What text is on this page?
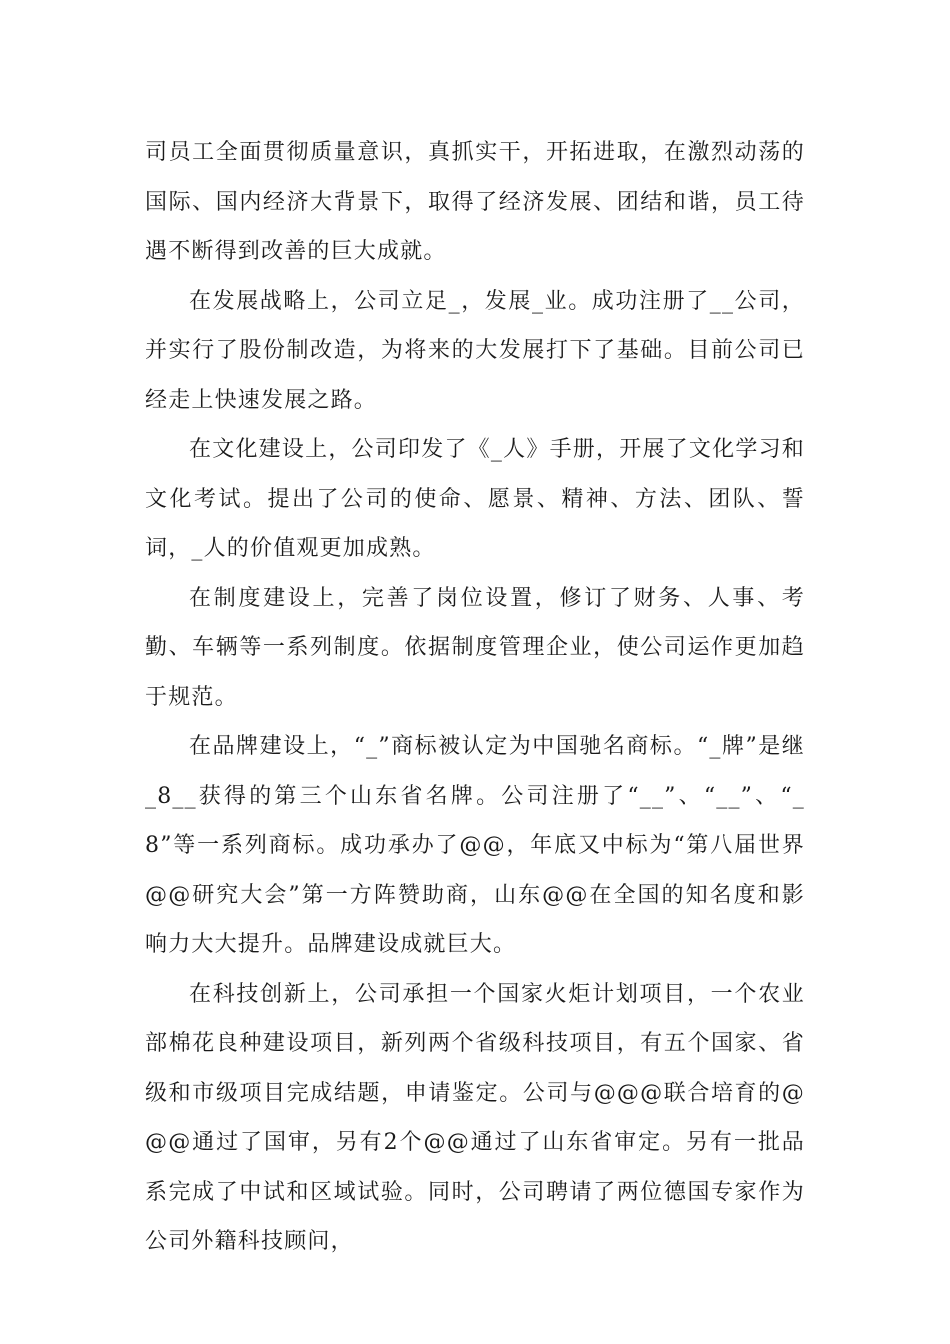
司员工全面贯彻质量意识，真抓实干，开拓进取，在激烈动荡的国际、国内经济大背景下，取得了经济发展、团结和谐，员工待遇不断得到改善的巨大成就。

在发展战略上，公司立足_，发展_业。成功注册了__公司，并实行了股份制改造，为将来的大发展打下了基础。目前公司已经走上快速发展之路。

在文化建设上，公司印发了《_人》手册，开展了文化学习和文化考试。提出了公司的使命、愿景、精神、方法、团队、誓词，_人的价值观更加成熟。

在制度建设上，完善了岗位设置，修订了财务、人事、考勤、车辆等一系列制度。依据制度管理企业，使公司运作更加趋于规范。

在品牌建设上，“_”商标被认定为中国驰名商标。“_牌”是继_8__获得的第三个山东省名牌。公司注册了“__”、“__”、“_8”等一系列商标。成功承办了@@，年底又中标为“第八届世界@@研究大会”第一方阵赞助商，山东@@在全国的知名度和影响力大大提升。品牌建设成就巨大。

在科技创新上，公司承担一个国家火炬计划项目，一个农业部棉花良种建设项目，新列两个省级科技项目，有五个国家、省级和市级项目完成结题，申请鉴定。公司与@@@联合培育的@@@通过了国审，另有2个@@通过了山东省审定。另有一批品系完成了中试和区域试验。同时，公司聘请了两位德国专家作为公司外籍科技顾问，
